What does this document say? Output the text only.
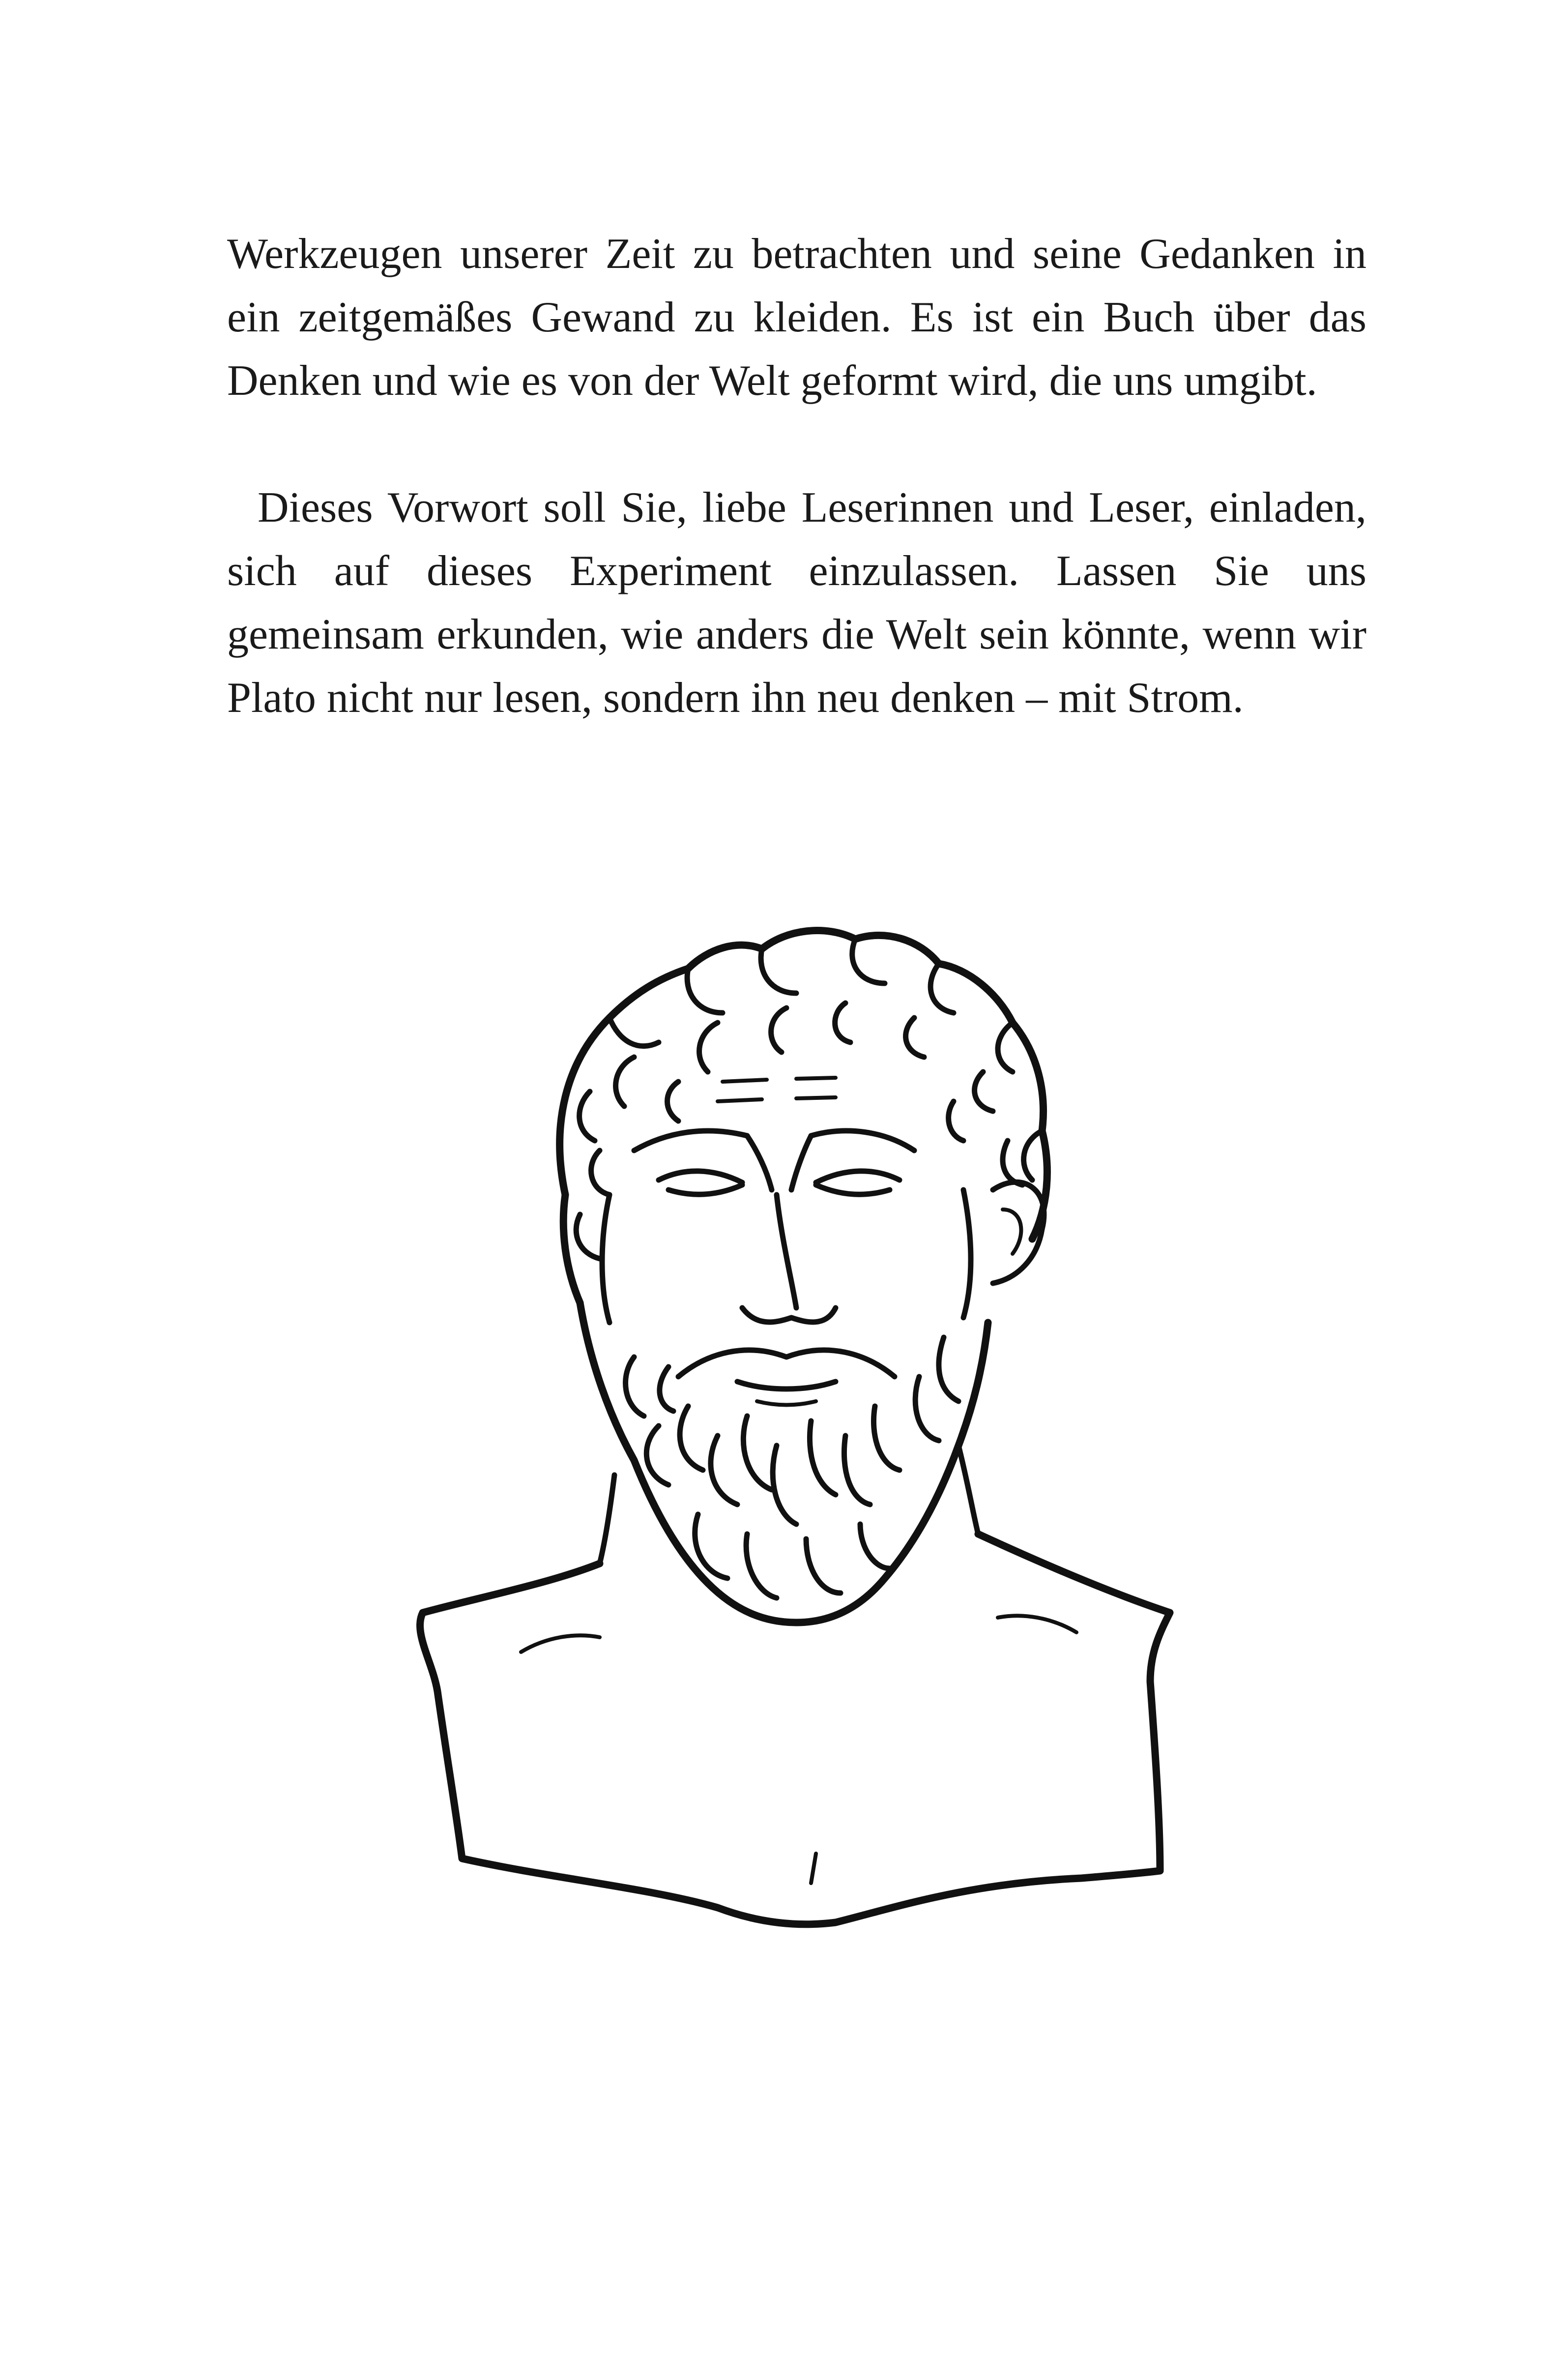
Werkzeugen unserer Zeit zu betrachten und seine Gedanken in ein zeitgemäßes Gewand zu kleiden. Es ist ein Buch über das Denken und wie es von der Welt geformt wird, die uns umgibt.

Dieses Vorwort soll Sie, liebe Leserinnen und Leser, einladen, sich auf dieses Experiment einzulassen. Lassen Sie uns gemeinsam erkunden, wie anders die Welt sein könnte, wenn wir Plato nicht nur lesen, sondern ihn neu denken – mit Strom.
